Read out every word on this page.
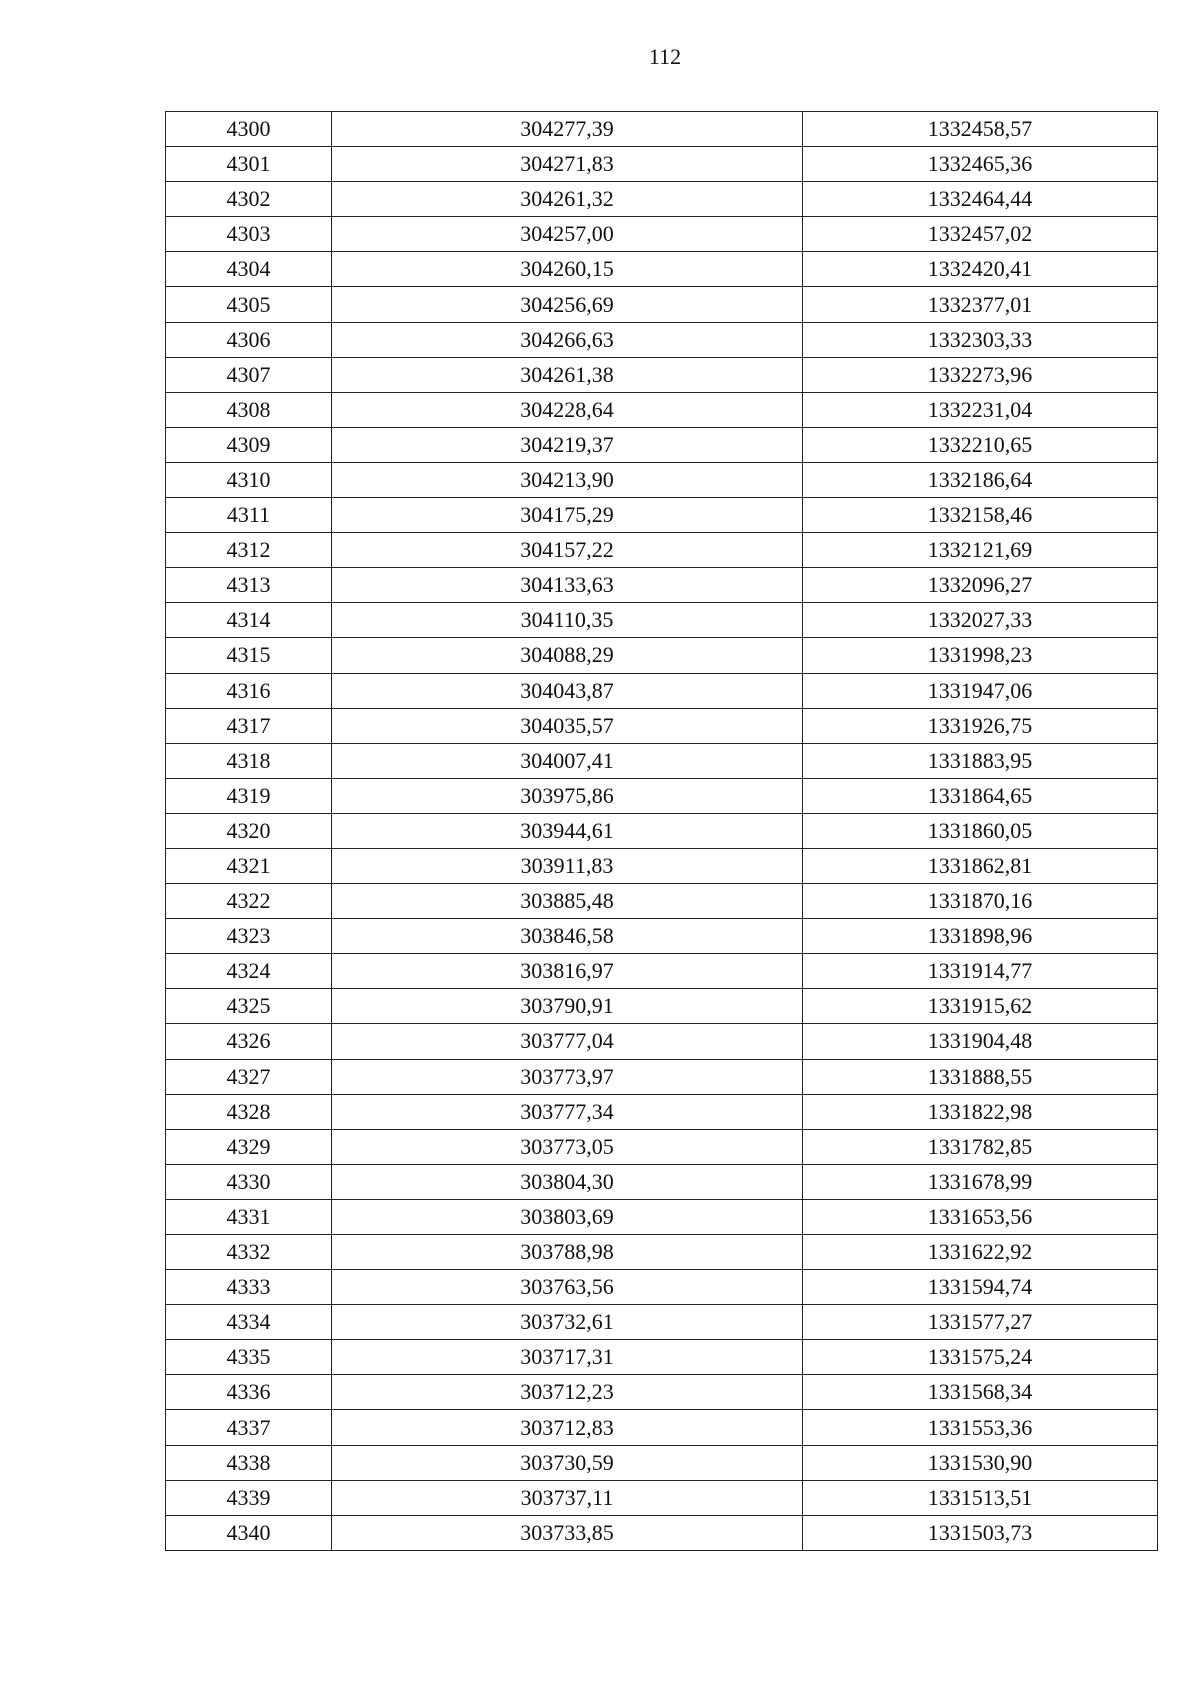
112
4300	304277,39	1332458,57
4301	304271,83	1332465,36
4302	304261,32	1332464,44
4303	304257,00	1332457,02
4304	304260,15	1332420,41
4305	304256,69	1332377,01
4306	304266,63	1332303,33
4307	304261,38	1332273,96
4308	304228,64	1332231,04
4309	304219,37	1332210,65
4310	304213,90	1332186,64
4311	304175,29	1332158,46
4312	304157,22	1332121,69
4313	304133,63	1332096,27
4314	304110,35	1332027,33
4315	304088,29	1331998,23
4316	304043,87	1331947,06
4317	304035,57	1331926,75
4318	304007,41	1331883,95
4319	303975,86	1331864,65
4320	303944,61	1331860,05
4321	303911,83	1331862,81
4322	303885,48	1331870,16
4323	303846,58	1331898,96
4324	303816,97	1331914,77
4325	303790,91	1331915,62
4326	303777,04	1331904,48
4327	303773,97	1331888,55
4328	303777,34	1331822,98
4329	303773,05	1331782,85
4330	303804,30	1331678,99
4331	303803,69	1331653,56
4332	303788,98	1331622,92
4333	303763,56	1331594,74
4334	303732,61	1331577,27
4335	303717,31	1331575,24
4336	303712,23	1331568,34
4337	303712,83	1331553,36
4338	303730,59	1331530,90
4339	303737,11	1331513,51
4340	303733,85	1331503,73
